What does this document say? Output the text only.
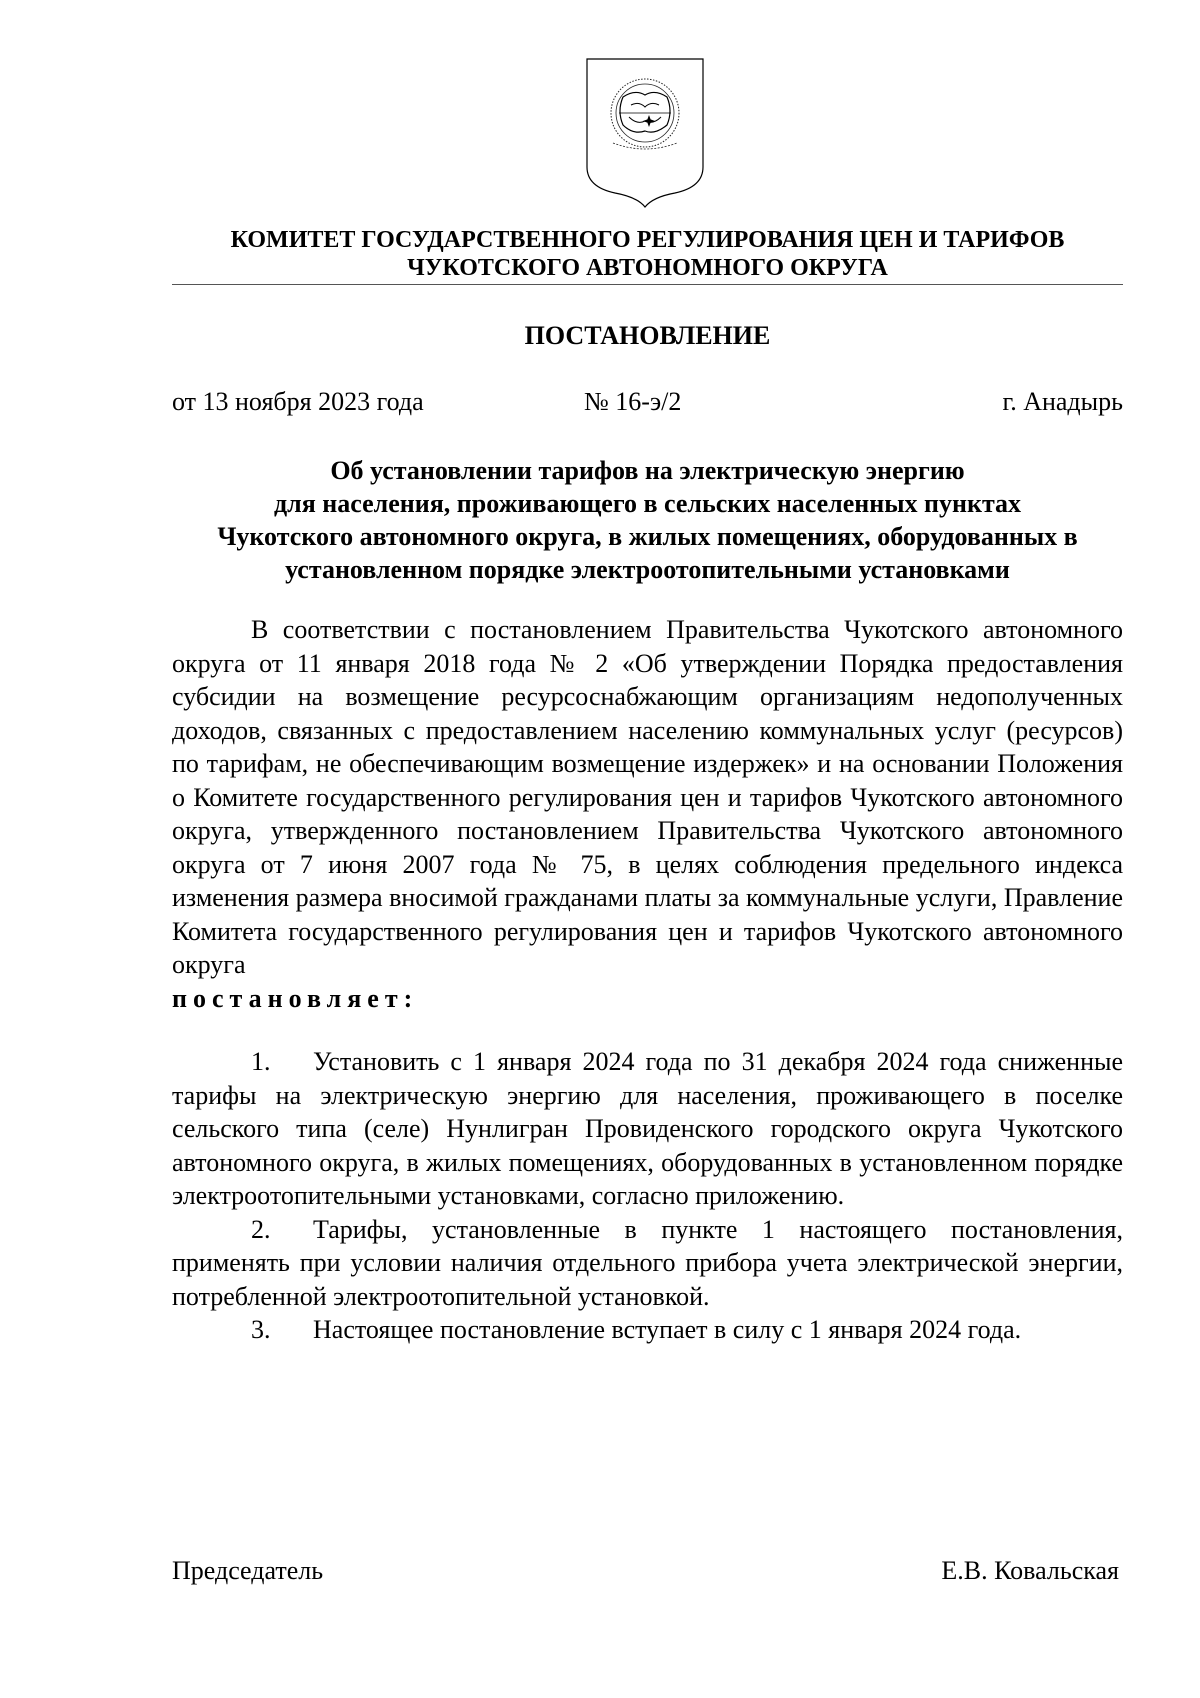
КОМИТЕТ ГОСУДАРСТВЕННОГО РЕГУЛИРОВАНИЯ ЦЕН И ТАРИФОВ
ЧУКОТСКОГО АВТОНОМНОГО ОКРУГА
ПОСТАНОВЛЕНИЕ
от 13 ноября 2023 года	№ 16-э/2	г. Анадырь
Об установлении тарифов на электрическую энергию
для населения, проживающего в сельских населенных пунктах
Чукотского автономного округа, в жилых помещениях, оборудованных в
установленном порядке электроотопительными установками

В соответствии с постановлением Правительства Чукотского автономного округа от 11 января 2018 года № 2 «Об утверждении Порядка предоставления субсидии на возмещение ресурсоснабжающим организациям недополученных доходов, связанных с предоставлением населению коммунальных услуг (ресурсов) по тарифам, не обеспечивающим возмещение издержек» и на основании Положения о Комитете государственного регулирования цен и тарифов Чукотского автономного округа, утвержденного постановлением Правительства Чукотского автономного округа от 7 июня 2007 года № 75, в целях соблюдения предельного индекса изменения размера вносимой гражданами платы за коммунальные услуги, Правление Комитета государственного регулирования цен и тарифов Чукотского автономного округа

постановляет:

1. Установить с 1 января 2024 года по 31 декабря 2024 года сниженные тарифы на электрическую энергию для населения, проживающего в поселке сельского типа (селе) Нунлигран Провиденского городского округа Чукотского автономного округа, в жилых помещениях, оборудованных в установленном порядке электроотопительными установками, согласно приложению.

2. Тарифы, установленные в пункте 1 настоящего постановления, применять при условии наличия отдельного прибора учета электрической энергии, потребленной электроотопительной установкой.

3. Настоящее постановление вступает в силу с 1 января 2024 года.

Председатель	Е.В. Ковальская
